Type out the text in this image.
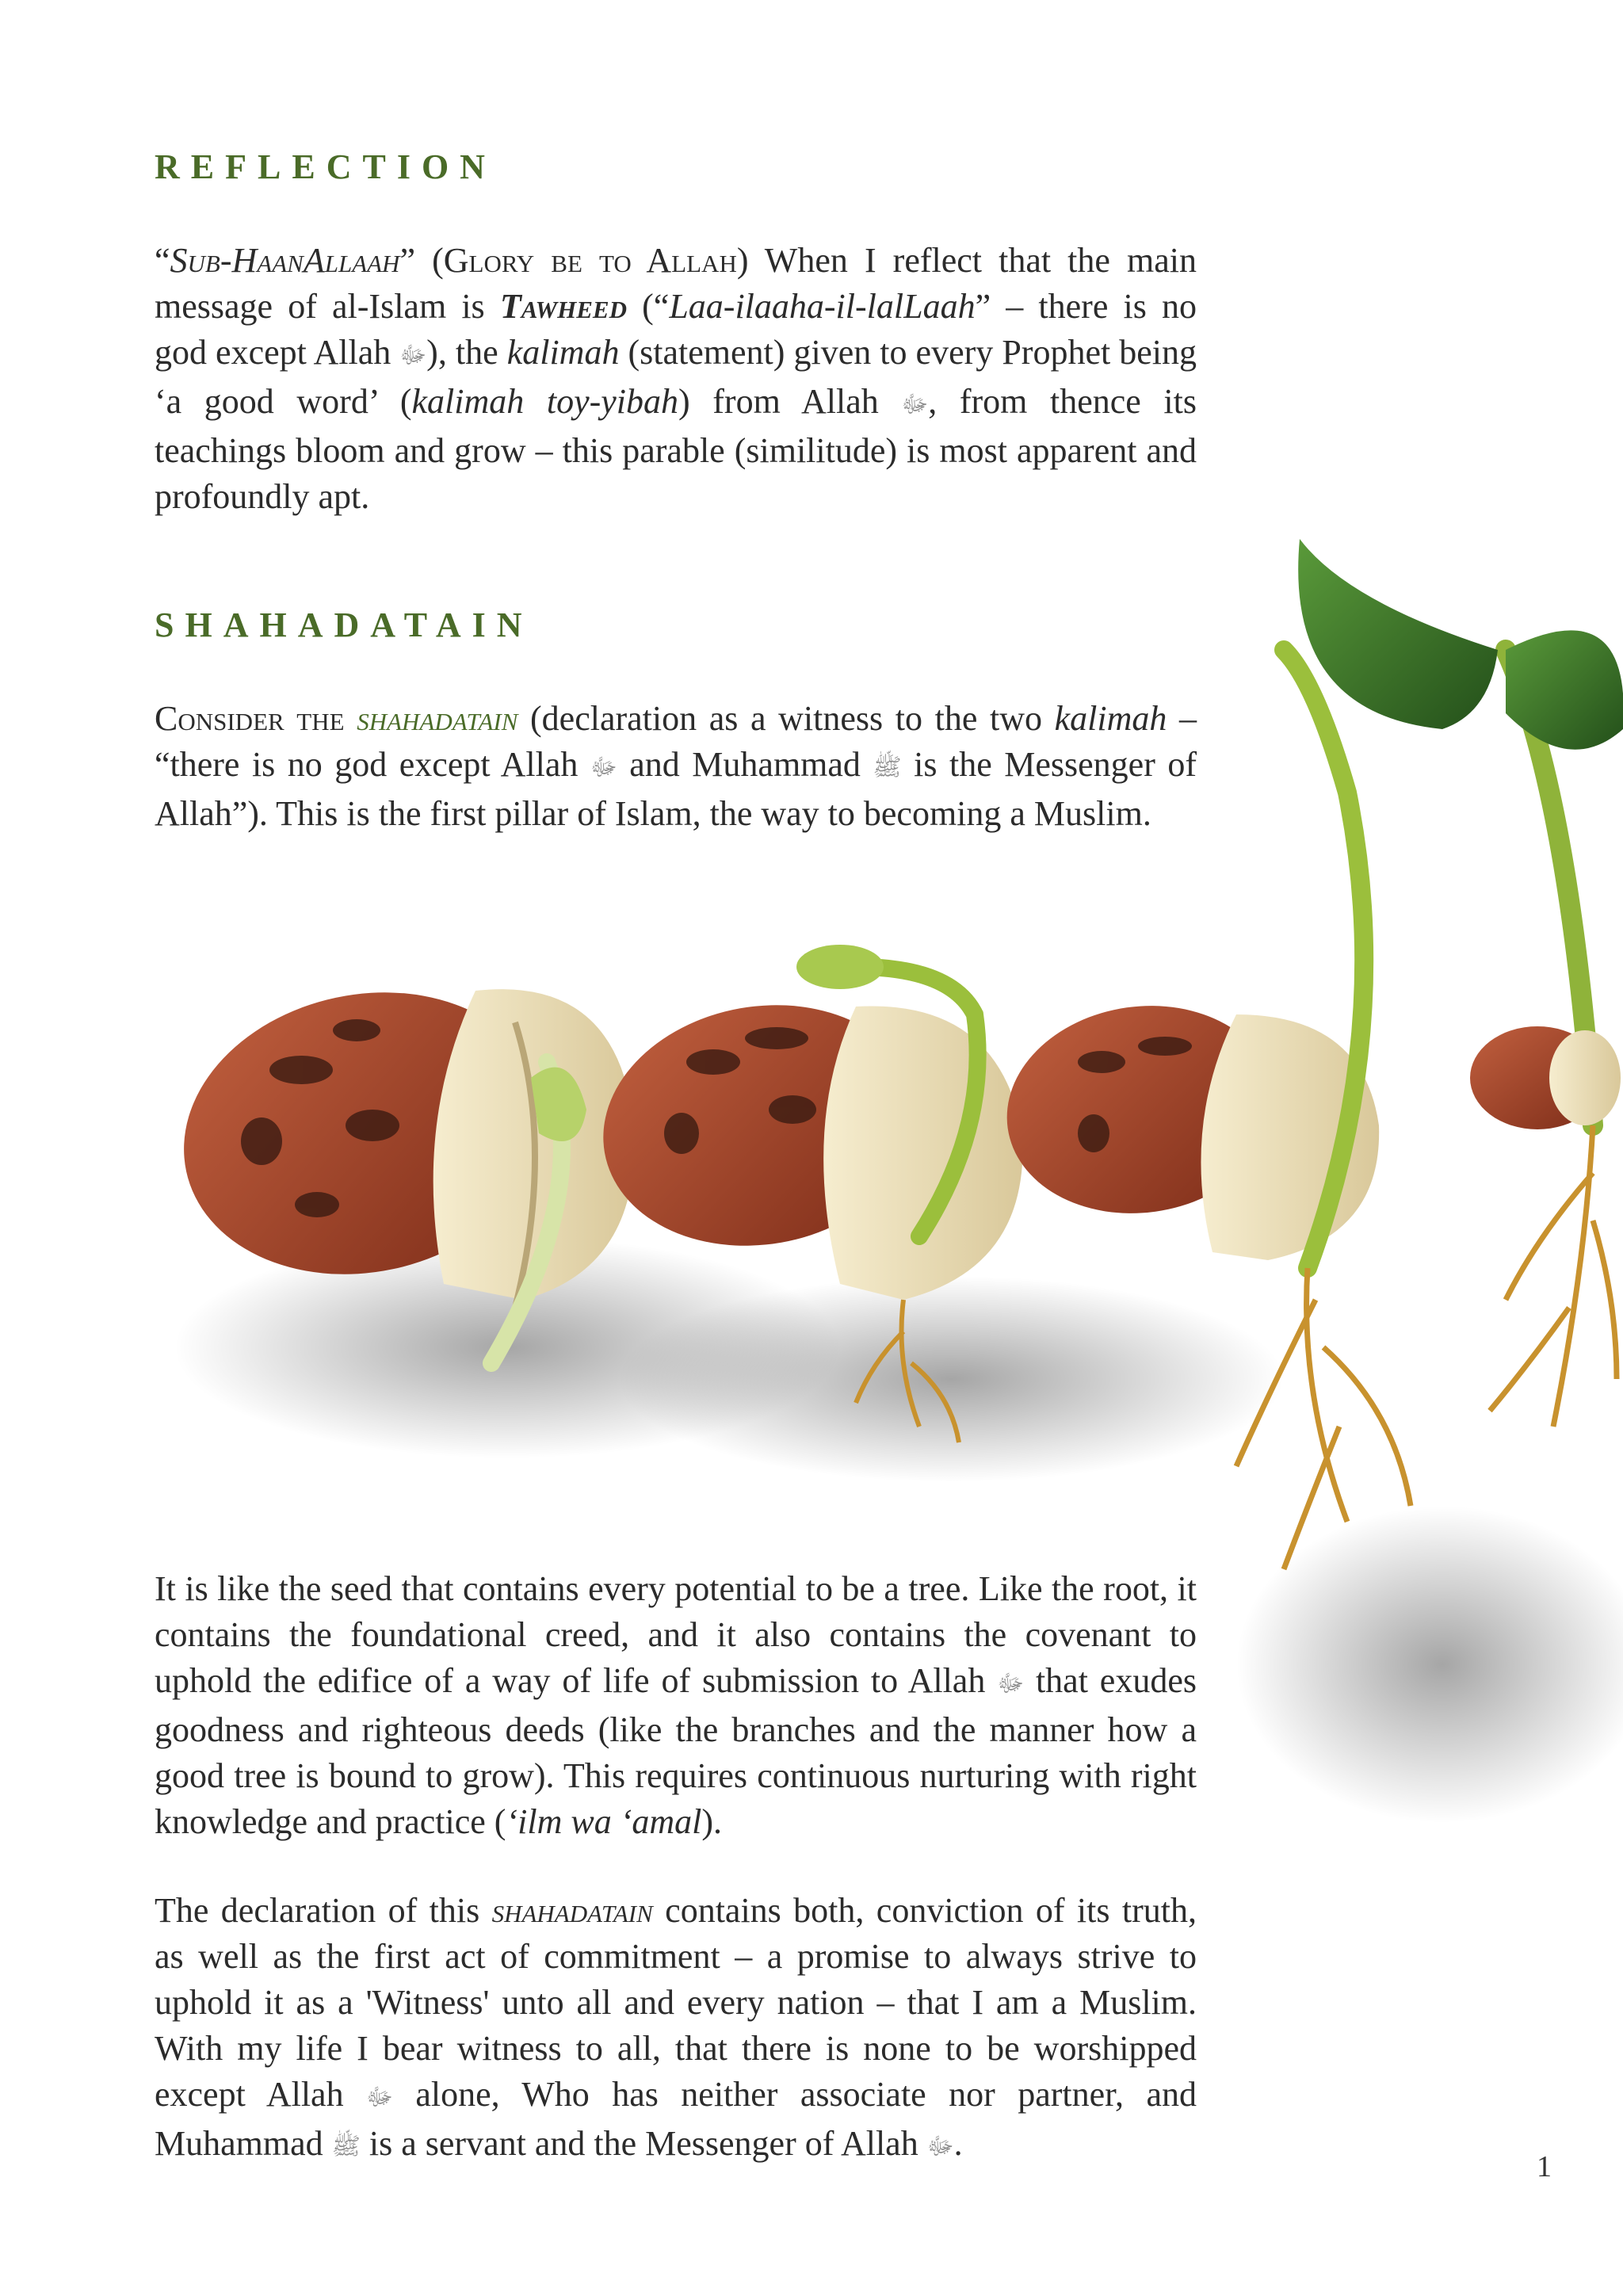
REFLECTION

“Sub-HaanAllaah” (Glory be to Allah) When I reflect that the main message of al-Islam is Tawheed (“Laa-ilaaha-il-lalLaah” – there is no god except Allah ﷻ), the kalimah (statement) given to every Prophet being ‘a good word’ (kalimah toy-yibah) from Allah ﷻ, from thence its teachings bloom and grow – this parable (similitude) is most apparent and profoundly apt.

SHAHADATAIN

Consider the shahadatain (declaration as a witness to the two kalimah – “there is no god except Allah ﷻ and Muhammad ﷺ is the Messenger of Allah”). This is the first pillar of Islam, the way to becoming a Muslim.

It is like the seed that contains every potential to be a tree. Like the root, it contains the foundational creed, and it also contains the covenant to uphold the edifice of a way of life of submission to Allah ﷻ that exudes goodness and righteous deeds (like the branches and the manner how a good tree is bound to grow). This requires continuous nurturing with right knowledge and practice (‘ilm wa ‘amal).

The declaration of this shahadatain contains both, conviction of its truth, as well as the first act of commitment – a promise to always strive to uphold it as a 'Witness' unto all and every nation – that I am a Muslim. With my life I bear witness to all, that there is none to be worshipped except Allah ﷻ alone, Who has neither associate nor partner, and Muhammad ﷺ is a servant and the Messenger of Allah ﷻ.

1
